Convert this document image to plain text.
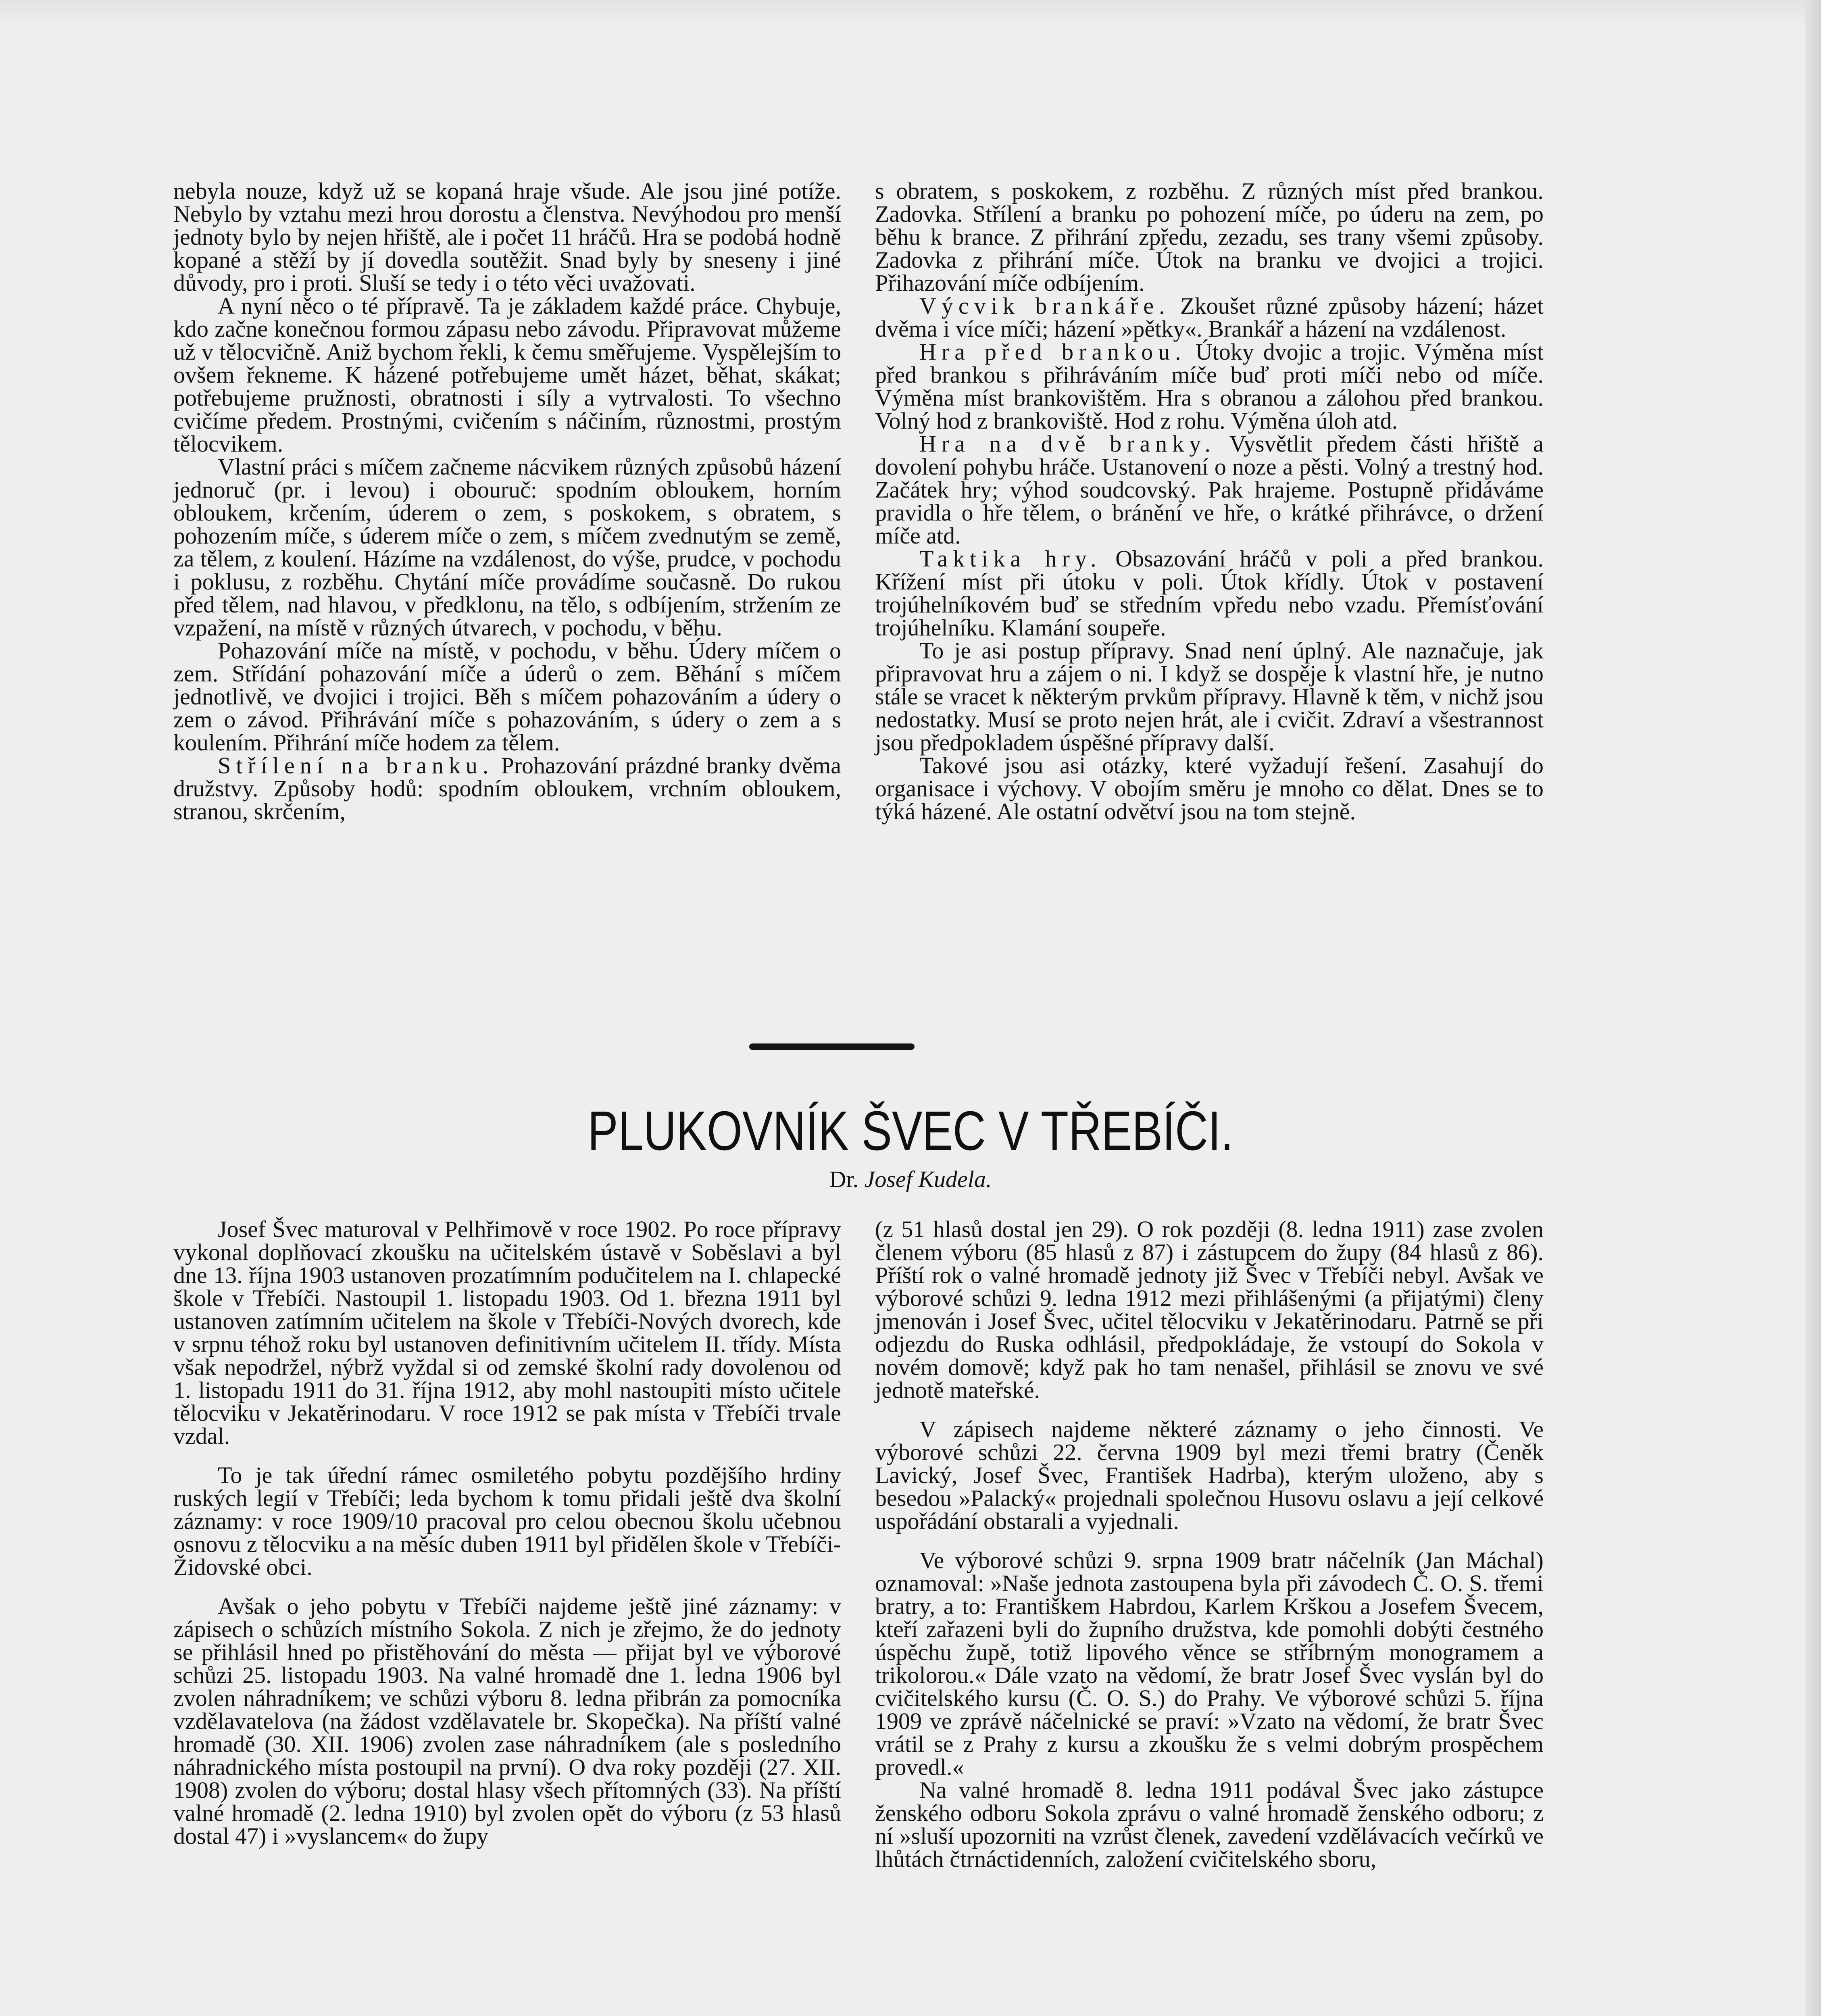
nebyla nouze, když už se kopaná hraje všude. Ale jsou jiné potíže. Nebylo by vztahu mezi hrou dorostu a členstva. Nevýhodou pro menší jednoty bylo by nejen hřiště, ale i počet 11 hráčů. Hra se podobá hodně kopané a stěží by jí dovedla soutěžit. Snad byly by sneseny i jiné důvody, pro i proti. Sluší se tedy i o této věci uvažovati.

A nyní něco o té přípravě. Ta je základem každé práce. Chybuje, kdo začne konečnou formou zápasu nebo závodu. Připravovat můžeme už v tělocvičně. Aniž bychom řekli, k čemu směřujeme. Vyspělejším to ovšem řekneme. K házené potřebujeme umět házet, běhat, skákat; potřebujeme pružnosti, obratnosti i síly a vytrvalosti. To všechno cvičíme předem. Prostnými, cvičením s náčiním, různostmi, prostým tělocvikem.

Vlastní práci s míčem začneme nácvikem různých způsobů házení jednoruč (pr. i levou) i obouruč: spodním obloukem, horním obloukem, krčením, úderem o zem, s poskokem, s obratem, s pohozením míče, s úderem míče o zem, s míčem zvednutým se země, za tělem, z koulení. Házíme na vzdálenost, do výše, prudce, v pochodu i poklusu, z rozběhu. Chytání míče provádíme současně. Do rukou před tělem, nad hlavou, v předklonu, na tělo, s odbíjením, stržením ze vzpažení, na místě v různých útvarech, v pochodu, v běhu.

Pohazování míče na místě, v pochodu, v běhu. Údery míčem o zem. Střídání pohazování míče a úderů o zem. Běhání s míčem jednotlivě, ve dvojici i trojici. Běh s míčem pohazováním a údery o zem o závod. Přihrávání míče s pohazováním, s údery o zem a s koulením. Přihrání míče hodem za tělem.

Střílení na branku. Prohazování prázdné branky dvěma družstvy. Způsoby hodů: spodním obloukem, vrchním obloukem, stranou, skrčením,

s obratem, s poskokem, z rozběhu. Z různých míst před brankou. Zadovka. Střílení a branku po pohození míče, po úderu na zem, po běhu k brance. Z přihrání zpředu, zezadu, ses trany všemi způsoby. Zadovka z přihrání míče. Útok na branku ve dvojici a trojici. Přihazování míče odbíjením.

Výcvik brankáře. Zkoušet různé způsoby házení; házet dvěma i více míči; házení »pětky«. Brankář a házení na vzdálenost.

Hra před brankou. Útoky dvojic a trojic. Výměna míst před brankou s přihráváním míče buď proti míči nebo od míče. Výměna míst brankovištěm. Hra s obranou a zálohou před brankou. Volný hod z brankoviště. Hod z rohu. Výměna úloh atd.

Hra na dvě branky. Vysvětlit předem části hřiště a dovolení pohybu hráče. Ustanovení o noze a pěsti. Volný a trestný hod. Začátek hry; výhod soudcovský. Pak hrajeme. Postupně přidáváme pravidla o hře tělem, o bránění ve hře, o krátké přihrávce, o držení míče atd.

Taktika hry. Obsazování hráčů v poli a před brankou. Křížení míst při útoku v poli. Útok křídly. Útok v postavení trojúhelníkovém buď se středním vpředu nebo vzadu. Přemísťování trojúhelníku. Klamání soupeře.

To je asi postup přípravy. Snad není úplný. Ale naznačuje, jak připravovat hru a zájem o ni. I když se dospěje k vlastní hře, je nutno stále se vracet k některým prvkům přípravy. Hlavně k těm, v nichž jsou nedostatky. Musí se proto nejen hrát, ale i cvičit. Zdraví a všestrannost jsou předpokladem úspěšné přípravy další.

Takové jsou asi otázky, které vyžadují řešení. Zasahují do organisace i výchovy. V obojím směru je mnoho co dělat. Dnes se to týká házené. Ale ostatní odvětví jsou na tom stejně.

PLUKOVNÍK ŠVEC V TŘEBÍČI.
Dr. Josef Kudela.

Josef Švec maturoval v Pelhřimově v roce 1902. Po roce přípravy vykonal doplňovací zkoušku na učitelském ústavě v Soběslavi a byl dne 13. října 1903 ustanoven prozatímním podučitelem na I. chlapecké škole v Třebíči. Nastoupil 1. listopadu 1903. Od 1. března 1911 byl ustanoven zatímním učitelem na škole v Třebíči-Nových dvorech, kde v srpnu téhož roku byl ustanoven definitivním učitelem II. třídy. Místa však nepodržel, nýbrž vyždal si od zemské školní rady dovolenou od 1. listopadu 1911 do 31. října 1912, aby mohl nastoupiti místo učitele tělocviku v Jekatěrinodaru. V roce 1912 se pak místa v Třebíči trvale vzdal.

To je tak úřední rámec osmiletého pobytu pozdějšího hrdiny ruských legií v Třebíči; leda bychom k tomu přidali ještě dva školní záznamy: v roce 1909/10 pracoval pro celou obecnou školu učebnou osnovu z tělocviku a na měsíc duben 1911 byl přidělen škole v Třebíči-Židovské obci.

Avšak o jeho pobytu v Třebíči najdeme ještě jiné záznamy: v zápisech o schůzích místního Sokola. Z nich je zřejmo, že do jednoty se přihlásil hned po přistěhování do města — přijat byl ve výborové schůzi 25. listopadu 1903. Na valné hromadě dne 1. ledna 1906 byl zvolen náhradníkem; ve schůzi výboru 8. ledna přibrán za pomocníka vzdělavatelova (na žádost vzdělavatele br. Skopečka). Na příští valné hromadě (30. XII. 1906) zvolen zase náhradníkem (ale s posledního náhradnického místa postoupil na první). O dva roky později (27. XII. 1908) zvolen do výboru; dostal hlasy všech přítomných (33). Na příští valné hromadě (2. ledna 1910) byl zvolen opět do výboru (z 53 hlasů dostal 47) i »vyslancem« do župy

(z 51 hlasů dostal jen 29). O rok později (8. ledna 1911) zase zvolen členem výboru (85 hlasů z 87) i zástupcem do župy (84 hlasů z 86). Příští rok o valné hromadě jednoty již Švec v Třebíči nebyl. Avšak ve výborové schůzi 9. ledna 1912 mezi přihlášenými (a přijatými) členy jmenován i Josef Švec, učitel tělocviku v Jekatěrinodaru. Patrně se při odjezdu do Ruska odhlásil, předpokládaje, že vstoupí do Sokola v novém domově; když pak ho tam nenašel, přihlásil se znovu ve své jednotě mateřské.

V zápisech najdeme některé záznamy o jeho činnosti. Ve výborové schůzi 22. června 1909 byl mezi třemi bratry (Čeněk Lavický, Josef Švec, František Hadrba), kterým uloženo, aby s besedou »Palacký« projednali společnou Husovu oslavu a její celkové uspořádání obstarali a vyjednali.

Ve výborové schůzi 9. srpna 1909 bratr náčelník (Jan Máchal) oznamoval: »Naše jednota zastoupena byla při závodech Č. O. S. třemi bratry, a to: Františkem Habrdou, Karlem Krškou a Josefem Švecem, kteří zařazeni byli do župního družstva, kde pomohli dobýti čestného úspěchu župě, totiž lipového věnce se stříbrným monogramem a trikolorou.« Dále vzato na vědomí, že bratr Josef Švec vyslán byl do cvičitelského kursu (Č. O. S.) do Prahy. Ve výborové schůzi 5. října 1909 ve zprávě náčelnické se praví: »Vzato na vědomí, že bratr Švec vrátil se z Prahy z kursu a zkoušku že s velmi dobrým prospěchem provedl.«

Na valné hromadě 8. ledna 1911 podával Švec jako zástupce ženského odboru Sokola zprávu o valné hromadě ženského odboru; z ní »sluší upozorniti na vzrůst členek, zavedení vzdělávacích večírků ve lhůtách čtrnáctidenních, založení cvičitelského sboru,
